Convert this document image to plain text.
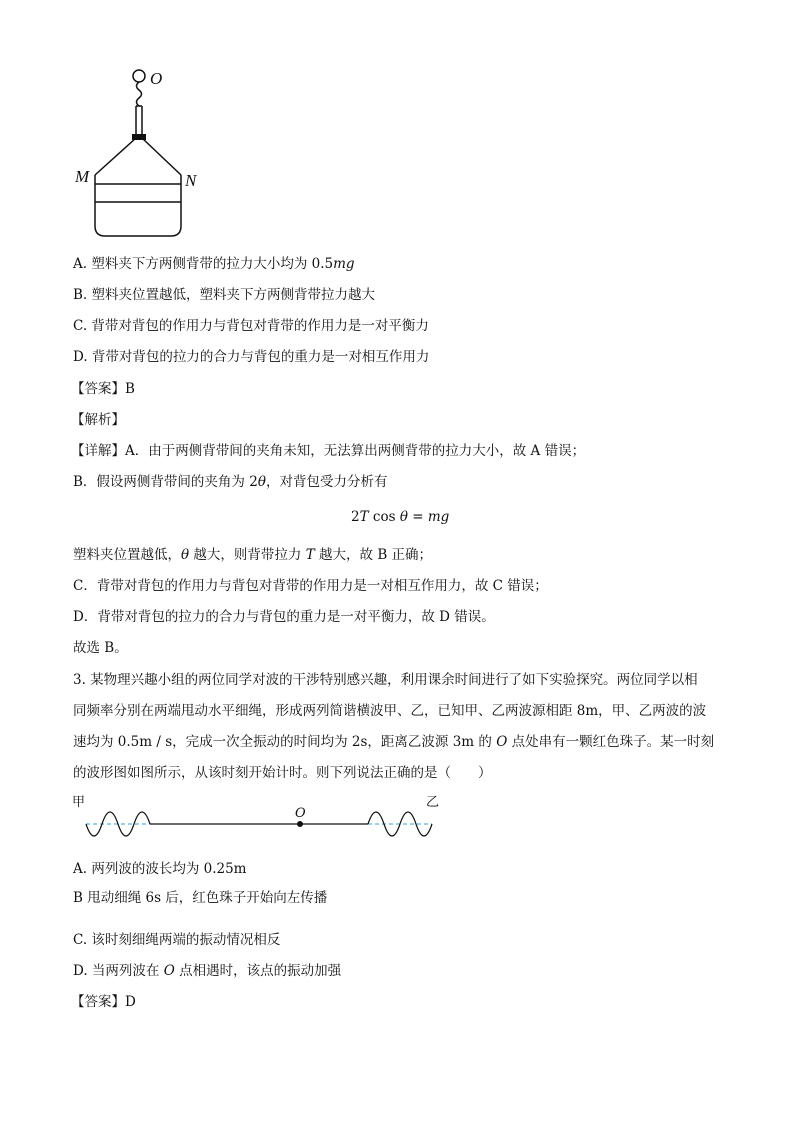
O
M	N
A. 塑料夹下方两侧背带的拉力大小均为 0.5mg
B. 塑料夹位置越低，塑料夹下方两侧背带拉力越大
C. 背带对背包的作用力与背包对背带的作用力是一对平衡力
D. 背带对背包的拉力的合力与背包的重力是一对相互作用力
【答案】B
【解析】
【详解】A．由于两侧背带间的夹角未知，无法算出两侧背带的拉力大小，故 A 错误；
B．假设两侧背带间的夹角为 2θ，对背包受力分析有
2T cos θ = mg
塑料夹位置越低，θ 越大，则背带拉力 T 越大，故 B 正确；
C．背带对背包的作用力与背包对背带的作用力是一对相互作用力，故 C 错误；
D．背带对背包的拉力的合力与背包的重力是一对平衡力，故 D 错误。
故选 B。
3. 某物理兴趣小组的两位同学对波的干涉特别感兴趣，利用课余时间进行了如下实验探究。两位同学以相
同频率分别在两端甩动水平细绳，形成两列简谐横波甲、乙，已知甲、乙两波源相距 8m，甲、乙两波的波
速均为 0.5m / s，完成一次全振动的时间均为 2s，距离乙波源 3m 的 O 点处串有一颗红色珠子。某一时刻
的波形图如图所示，从该时刻开始计时。则下列说法正确的是（　　）
甲	乙
O
A. 两列波的波长均为 0.25m
B 甩动细绳 6s 后，红色珠子开始向左传播
C. 该时刻细绳两端的振动情况相反
D. 当两列波在 O 点相遇时，该点的振动加强
【答案】D
